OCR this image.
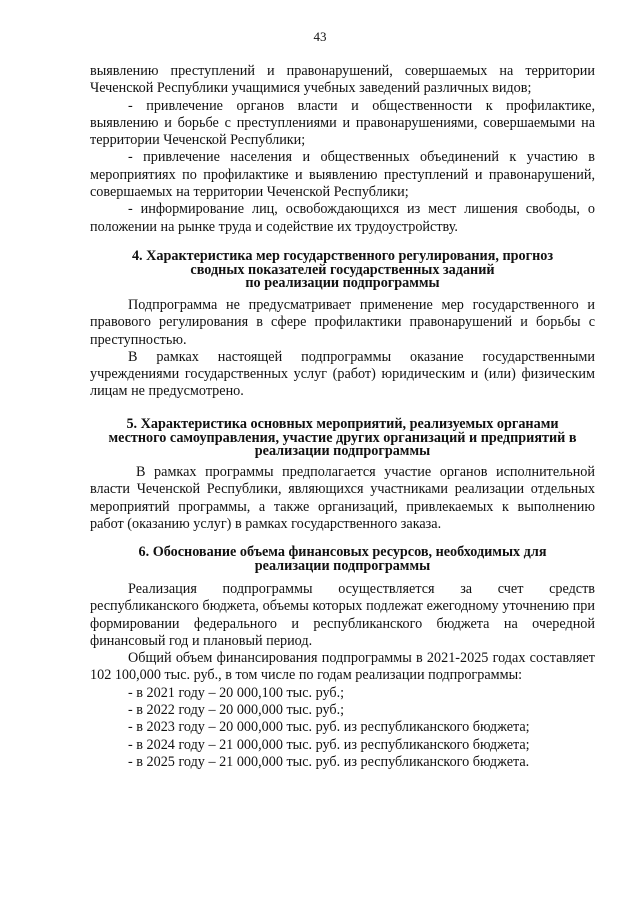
43

выявлению преступлений и правонарушений, совершаемых на территории Чеченской Республики учащимися учебных заведений различных видов;

- привлечение органов власти и общественности к профилактике, выявлению и борьбе с преступлениями и правонарушениями, совершаемыми на территории Чеченской Республики;

- привлечение населения и общественных объединений к участию в мероприятиях по профилактике и выявлению преступлений и правонарушений, совершаемых на территории Чеченской Республики;

- информирование лиц, освобождающихся из мест лишения свободы, о положении на рынке труда и содействие их трудоустройству.

4. Характеристика мер государственного регулирования, прогноз
сводных показателей государственных заданий
по реализации подпрограммы

Подпрограмма не предусматривает применение мер государственного и правового регулирования в сфере профилактики правонарушений и борьбы с преступностью.

В рамках настоящей подпрограммы оказание государственными учреждениями государственных услуг (работ) юридическим и (или) физическим лицам не предусмотрено.

5. Характеристика основных мероприятий, реализуемых органами
местного самоуправления, участие других организаций и предприятий в
реализации подпрограммы

В рамках программы предполагается участие органов исполнительной власти Чеченской Республики, являющихся участниками реализации отдельных мероприятий программы, а также организаций, привлекаемых к выполнению работ (оказанию услуг) в рамках государственного заказа.

6. Обоснование объема финансовых ресурсов, необходимых для
реализации подпрограммы

Реализация подпрограммы осуществляется за счет средств республиканского бюджета, объемы которых подлежат ежегодному уточнению при формировании федерального и республиканского бюджета на очередной финансовый год и плановый период.

Общий объем финансирования подпрограммы в 2021-2025 годах составляет 102 100,000 тыс. руб., в том числе по годам реализации подпрограммы:

- в 2021 году – 20 000,100 тыс. руб.;

- в 2022 году – 20 000,000 тыс. руб.;

- в 2023 году – 20 000,000 тыс. руб. из республиканского бюджета;

- в 2024 году – 21 000,000 тыс. руб. из республиканского бюджета;

- в 2025 году – 21 000,000 тыс. руб. из республиканского бюджета.
